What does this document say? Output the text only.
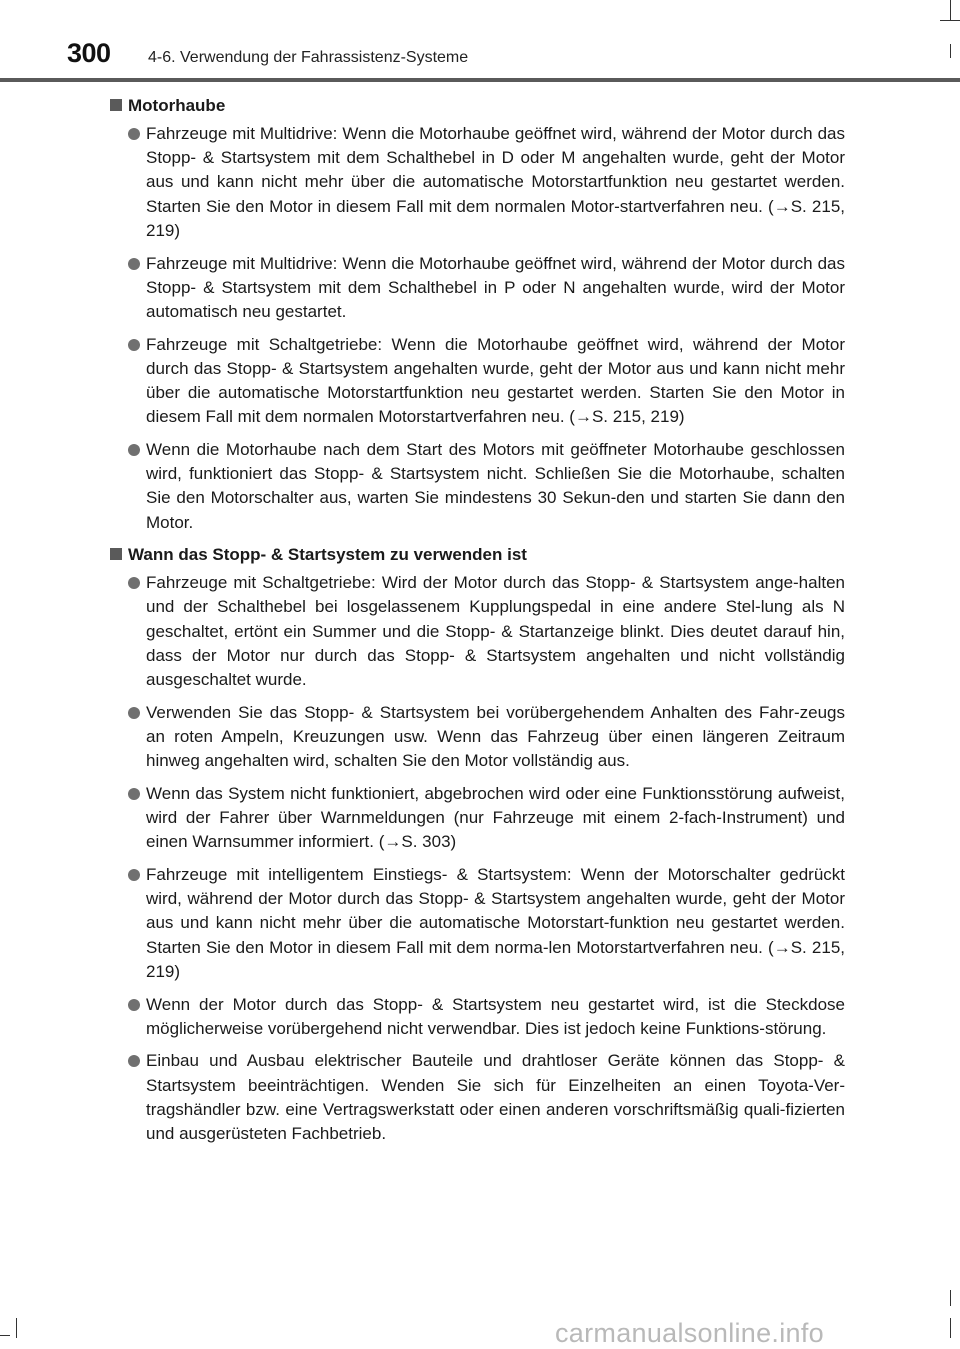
300 4-6. Verwendung der Fahrassistenz-Systeme
Motorhaube
Fahrzeuge mit Multidrive: Wenn die Motorhaube geöffnet wird, während der Motor durch das Stopp- & Startsystem mit dem Schalthebel in D oder M angehalten wurde, geht der Motor aus und kann nicht mehr über die automatische Motorstartfunktion neu gestartet werden. Starten Sie den Motor in diesem Fall mit dem normalen Motor-startverfahren neu. (→S. 215, 219)
Fahrzeuge mit Multidrive: Wenn die Motorhaube geöffnet wird, während der Motor durch das Stopp- & Startsystem mit dem Schalthebel in P oder N angehalten wurde, wird der Motor automatisch neu gestartet.
Fahrzeuge mit Schaltgetriebe: Wenn die Motorhaube geöffnet wird, während der Motor durch das Stopp- & Startsystem angehalten wurde, geht der Motor aus und kann nicht mehr über die automatische Motorstartfunktion neu gestartet werden. Starten Sie den Motor in diesem Fall mit dem normalen Motorstartverfahren neu. (→S. 215, 219)
Wenn die Motorhaube nach dem Start des Motors mit geöffneter Motorhaube geschlossen wird, funktioniert das Stopp- & Startsystem nicht. Schließen Sie die Motorhaube, schalten Sie den Motorschalter aus, warten Sie mindestens 30 Sekun-den und starten Sie dann den Motor.
Wann das Stopp- & Startsystem zu verwenden ist
Fahrzeuge mit Schaltgetriebe: Wird der Motor durch das Stopp- & Startsystem ange-halten und der Schalthebel bei losgelassenem Kupplungspedal in eine andere Stel-lung als N geschaltet, ertönt ein Summer und die Stopp- & Startanzeige blinkt. Dies deutet darauf hin, dass der Motor nur durch das Stopp- & Startsystem angehalten und nicht vollständig ausgeschaltet wurde.
Verwenden Sie das Stopp- & Startsystem bei vorübergehendem Anhalten des Fahr-zeugs an roten Ampeln, Kreuzungen usw. Wenn das Fahrzeug über einen längeren Zeitraum hinweg angehalten wird, schalten Sie den Motor vollständig aus.
Wenn das System nicht funktioniert, abgebrochen wird oder eine Funktionsstörung aufweist, wird der Fahrer über Warnmeldungen (nur Fahrzeuge mit einem 2-fach-Instrument) und einen Warnsummer informiert. (→S. 303)
Fahrzeuge mit intelligentem Einstiegs- & Startsystem: Wenn der Motorschalter gedrückt wird, während der Motor durch das Stopp- & Startsystem angehalten wurde, geht der Motor aus und kann nicht mehr über die automatische Motorstart-funktion neu gestartet werden. Starten Sie den Motor in diesem Fall mit dem norma-len Motorstartverfahren neu. (→S. 215, 219)
Wenn der Motor durch das Stopp- & Startsystem neu gestartet wird, ist die Steckdose möglicherweise vorübergehend nicht verwendbar. Dies ist jedoch keine Funktions-störung.
Einbau und Ausbau elektrischer Bauteile und drahtloser Geräte können das Stopp- & Startsystem beeinträchtigen. Wenden Sie sich für Einzelheiten an einen Toyota-Ver-tragshändler bzw. eine Vertragswerkstatt oder einen anderen vorschriftsmäßig quali-fizierten und ausgerüsteten Fachbetrieb.
carmanualsonline.info
